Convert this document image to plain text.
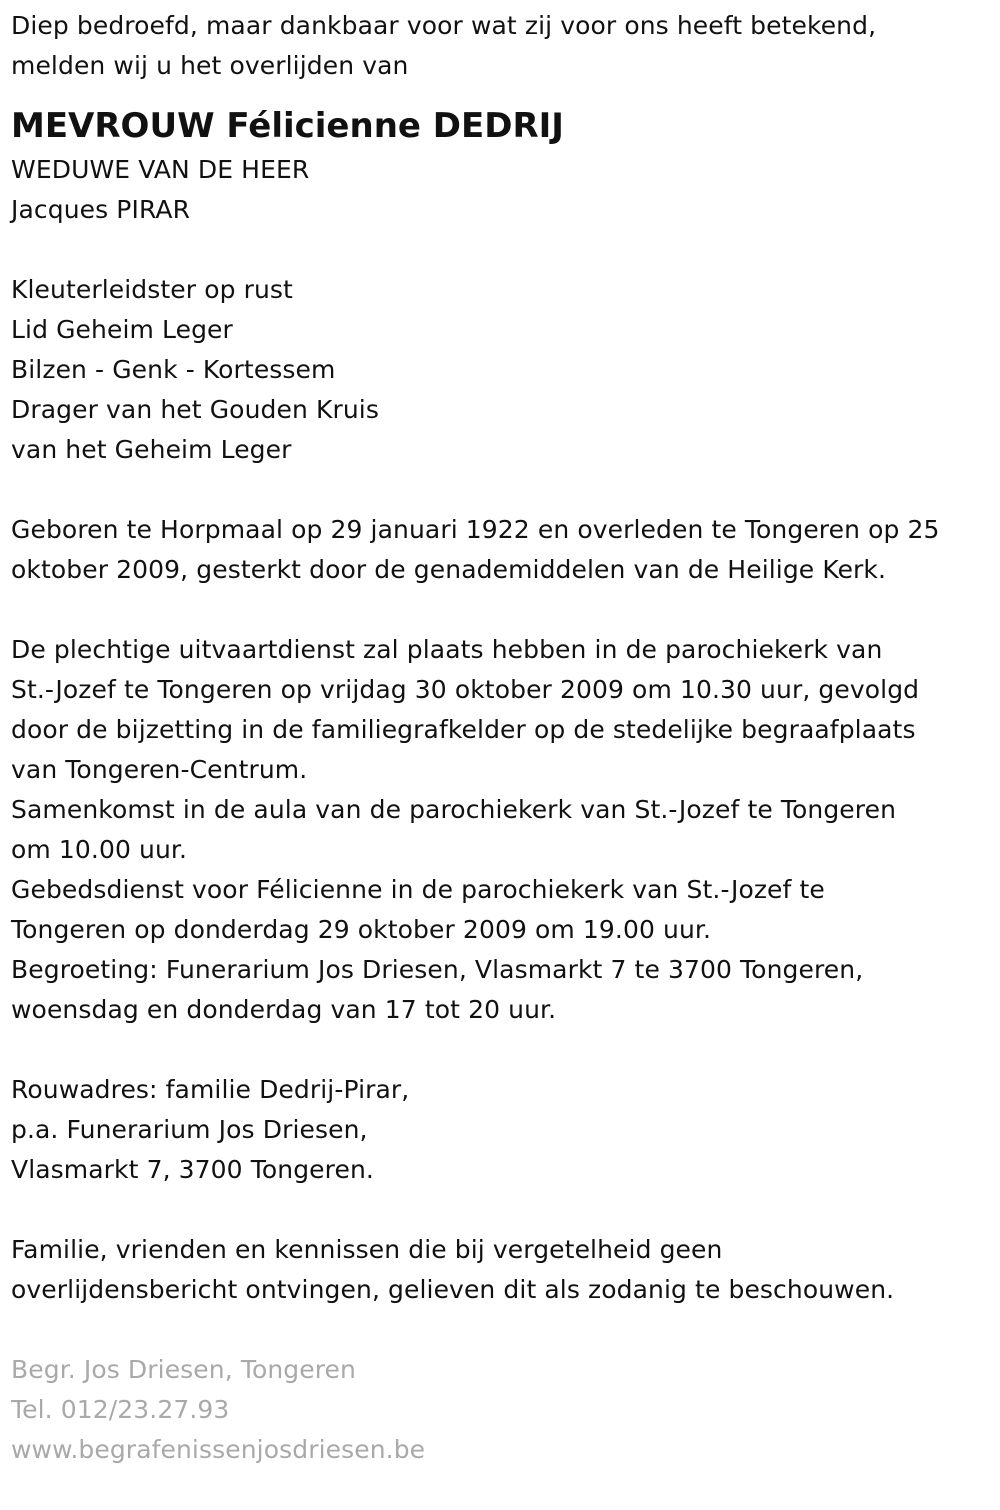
Diep bedroefd, maar dankbaar voor wat zij voor ons heeft betekend,
melden wij u het overlijden van
MEVROUW Félicienne DEDRIJ
WEDUWE VAN DE HEER
Jacques PIRAR
Kleuterleidster op rust
Lid Geheim Leger
Bilzen - Genk - Kortessem
Drager van het Gouden Kruis
van het Geheim Leger
Geboren te Horpmaal op 29 januari 1922 en overleden te Tongeren op 25
oktober 2009, gesterkt door de genademiddelen van de Heilige Kerk.
De plechtige uitvaartdienst zal plaats hebben in de parochiekerk van
St.-Jozef te Tongeren op vrijdag 30 oktober 2009 om 10.30 uur, gevolgd
door de bijzetting in de familiegrafkelder op de stedelijke begraafplaats
van Tongeren-Centrum.
Samenkomst in de aula van de parochiekerk van St.-Jozef te Tongeren
om 10.00 uur.
Gebedsdienst voor Félicienne in de parochiekerk van St.-Jozef te
Tongeren op donderdag 29 oktober 2009 om 19.00 uur.
Begroeting: Funerarium Jos Driesen, Vlasmarkt 7 te 3700 Tongeren,
woensdag en donderdag van 17 tot 20 uur.
Rouwadres: familie Dedrij-Pirar,
p.a. Funerarium Jos Driesen,
Vlasmarkt 7, 3700 Tongeren.
Familie, vrienden en kennissen die bij vergetelheid geen
overlijdensbericht ontvingen, gelieven dit als zodanig te beschouwen.
Begr. Jos Driesen, Tongeren
Tel. 012/23.27.93
www.begrafenissenjosdriesen.be
